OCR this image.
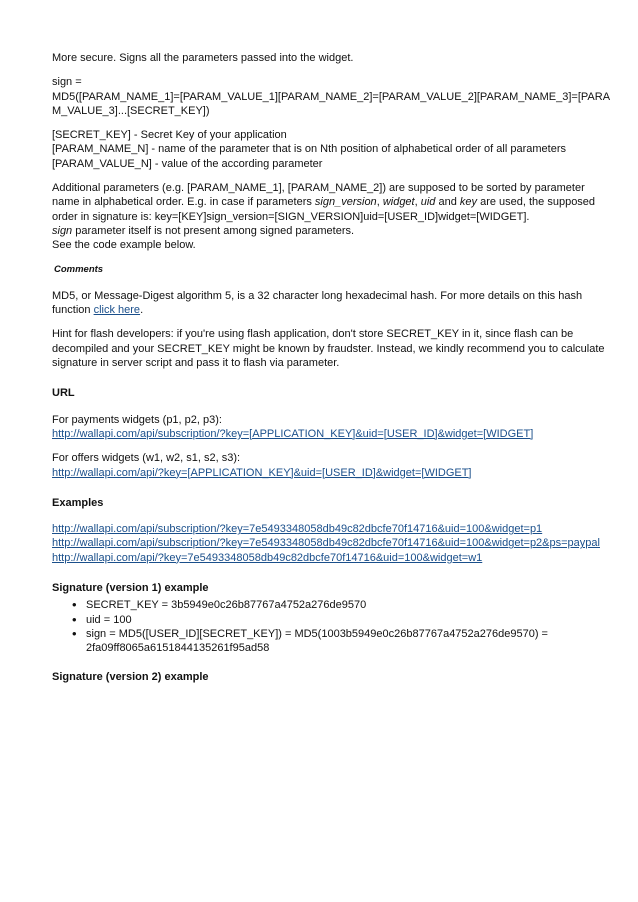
More secure. Signs all the parameters passed into the widget.

sign =

MD5([PARAM_NAME_1]=[PARAM_VALUE_1][PARAM_NAME_2]=[PARAM_VALUE_2][PARAM_NAME_3]=[PARAM_VALUE_3]...[SECRET_KEY])

[SECRET_KEY] - Secret Key of your application

[PARAM_NAME_N] - name of the parameter that is on Nth position of alphabetical order of all parameters

[PARAM_VALUE_N] - value of the according parameter

Additional parameters (e.g. [PARAM_NAME_1], [PARAM_NAME_2]) are supposed to be sorted by parameter name in alphabetical order. E.g. in case if parameters sign_version, widget, uid and key are used, the supposed order in signature is: key=[KEY]sign_version=[SIGN_VERSION]uid=[USER_ID]widget=[WIDGET].

sign parameter itself is not present among signed parameters.

See the code example below.

Comments

MD5, or Message-Digest algorithm 5, is a 32 character long hexadecimal hash. For more details on this hash function click here.

Hint for flash developers: if you're using flash application, don't store SECRET_KEY in it, since flash can be decompiled and your SECRET_KEY might be known by fraudster. Instead, we kindly recommend you to calculate signature in server script and pass it to flash via parameter.

URL

For payments widgets (p1, p2, p3):

http://wallapi.com/api/subscription/?key=[APPLICATION_KEY]&uid=[USER_ID]&widget=[WIDGET]

For offers widgets (w1, w2, s1, s2, s3):

http://wallapi.com/api/?key=[APPLICATION_KEY]&uid=[USER_ID]&widget=[WIDGET]

Examples

http://wallapi.com/api/subscription/?key=7e5493348058db49c82dbcfe70f14716&uid=100&widget=p1

http://wallapi.com/api/subscription/?key=7e5493348058db49c82dbcfe70f14716&uid=100&widget=p2&ps=paypal

http://wallapi.com/api/?key=7e5493348058db49c82dbcfe70f14716&uid=100&widget=w1

Signature (version 1) example

• SECRET_KEY = 3b5949e0c26b87767a4752a276de9570
• uid = 100
• sign = MD5([USER_ID][SECRET_KEY]) = MD5(1003b5949e0c26b87767a4752a276de9570) = 2fa09ff8065a6151844135261f95ad58

Signature (version 2) example
